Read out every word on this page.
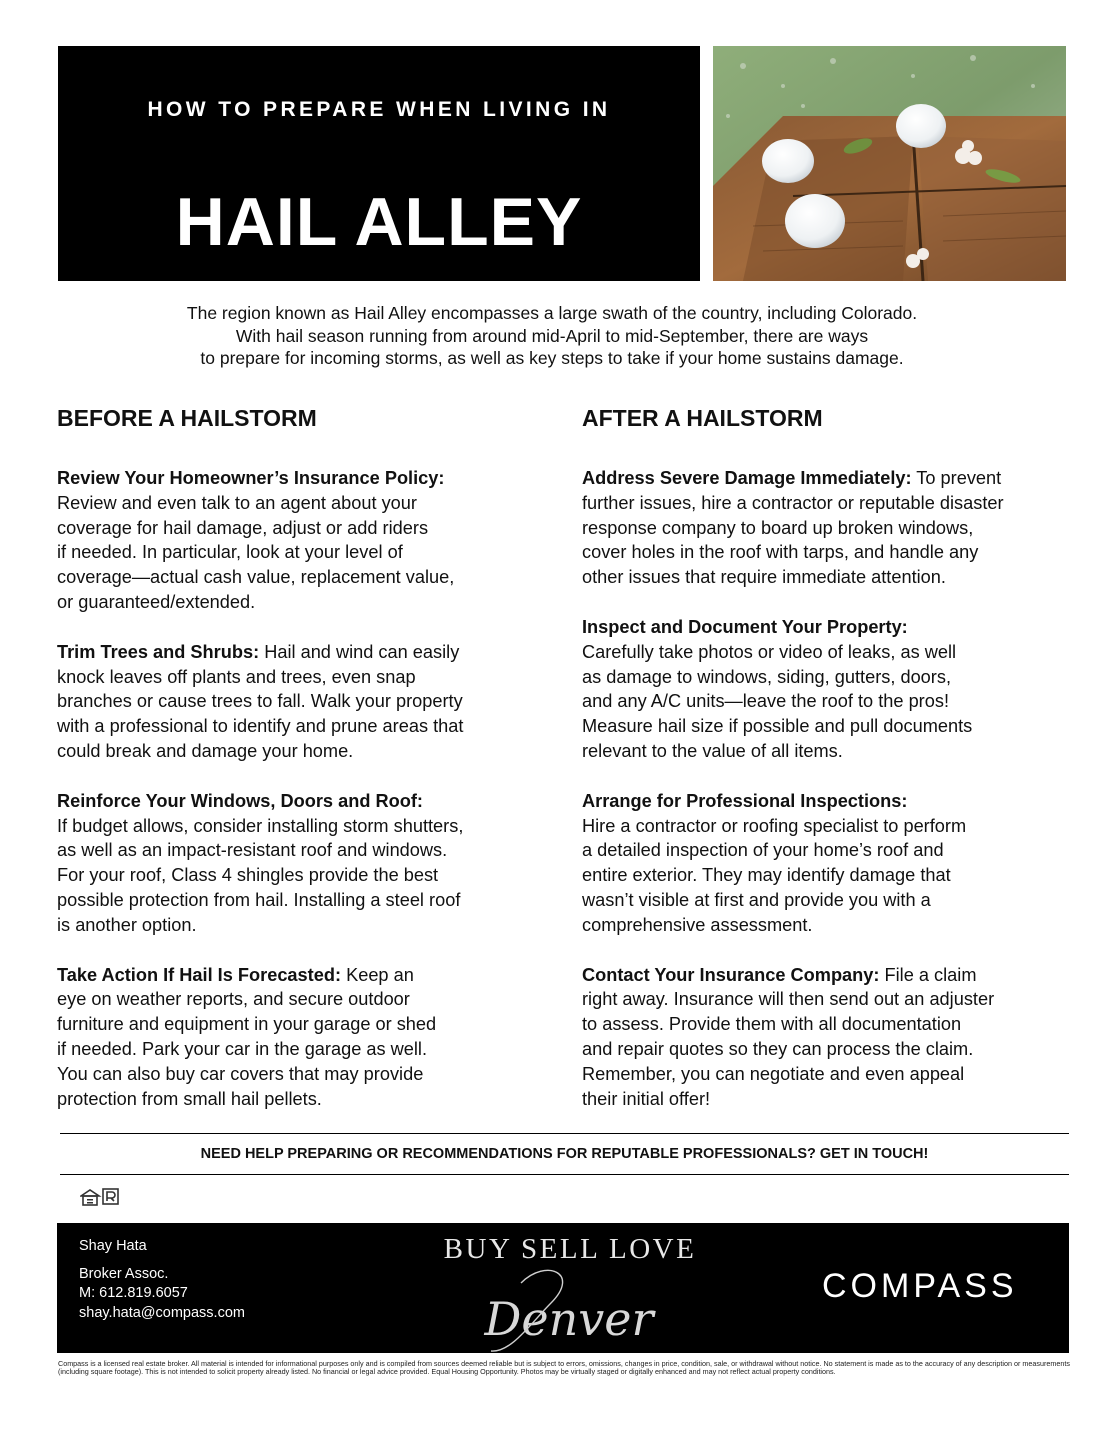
HOW TO PREPARE WHEN LIVING IN
HAIL ALLEY
The region known as Hail Alley encompasses a large swath of the country, including Colorado.
With hail season running from around mid-April to mid-September, there are ways
to prepare for incoming storms, as well as key steps to take if your home sustains damage.
BEFORE A HAILSTORM
Review Your Homeowner’s Insurance Policy:
Review and even talk to an agent about your
coverage for hail damage, adjust or add riders
if needed. In particular, look at your level of
coverage—actual cash value, replacement value,
or guaranteed/extended.
Trim Trees and Shrubs: Hail and wind can easily
knock leaves off plants and trees, even snap
branches or cause trees to fall. Walk your property
with a professional to identify and prune areas that
could break and damage your home.
Reinforce Your Windows, Doors and Roof:
If budget allows, consider installing storm shutters,
as well as an impact-resistant roof and windows.
For your roof, Class 4 shingles provide the best
possible protection from hail. Installing a steel roof
is another option.
Take Action If Hail Is Forecasted: Keep an
eye on weather reports, and secure outdoor
furniture and equipment in your garage or shed
if needed. Park your car in the garage as well.
You can also buy car covers that may provide
protection from small hail pellets.
AFTER A HAILSTORM
Address Severe Damage Immediately: To prevent
further issues, hire a contractor or reputable disaster
response company to board up broken windows,
cover holes in the roof with tarps, and handle any
other issues that require immediate attention.
Inspect and Document Your Property:
Carefully take photos or video of leaks, as well
as damage to windows, siding, gutters, doors,
and any A/C units—leave the roof to the pros!
Measure hail size if possible and pull documents
relevant to the value of all items.
Arrange for Professional Inspections:
Hire a contractor or roofing specialist to perform
a detailed inspection of your home’s roof and
entire exterior. They may identify damage that
wasn’t visible at first and provide you with a
comprehensive assessment.
Contact Your Insurance Company: File a claim
right away. Insurance will then send out an adjuster
to assess. Provide them with all documentation
and repair quotes so they can process the claim.
Remember, you can negotiate and even appeal
their initial offer!
NEED HELP PREPARING OR RECOMMENDATIONS FOR REPUTABLE PROFESSIONALS? GET IN TOUCH!
Shay Hata
Broker Assoc.
M: 612.819.6057
shay.hata@compass.com
BUY SELL LOVE
Denver
COMPASS
Compass is a licensed real estate broker. All material is intended for informational purposes only and is compiled from sources deemed reliable but is subject to errors, omissions, changes in price, condition, sale, or withdrawal without notice. No statement is made as to the accuracy of any description or measurements (including square footage). This is not intended to solicit property already listed. No financial or legal advice provided. Equal Housing Opportunity. Photos may be virtually staged or digitally enhanced and may not reflect actual property conditions.
